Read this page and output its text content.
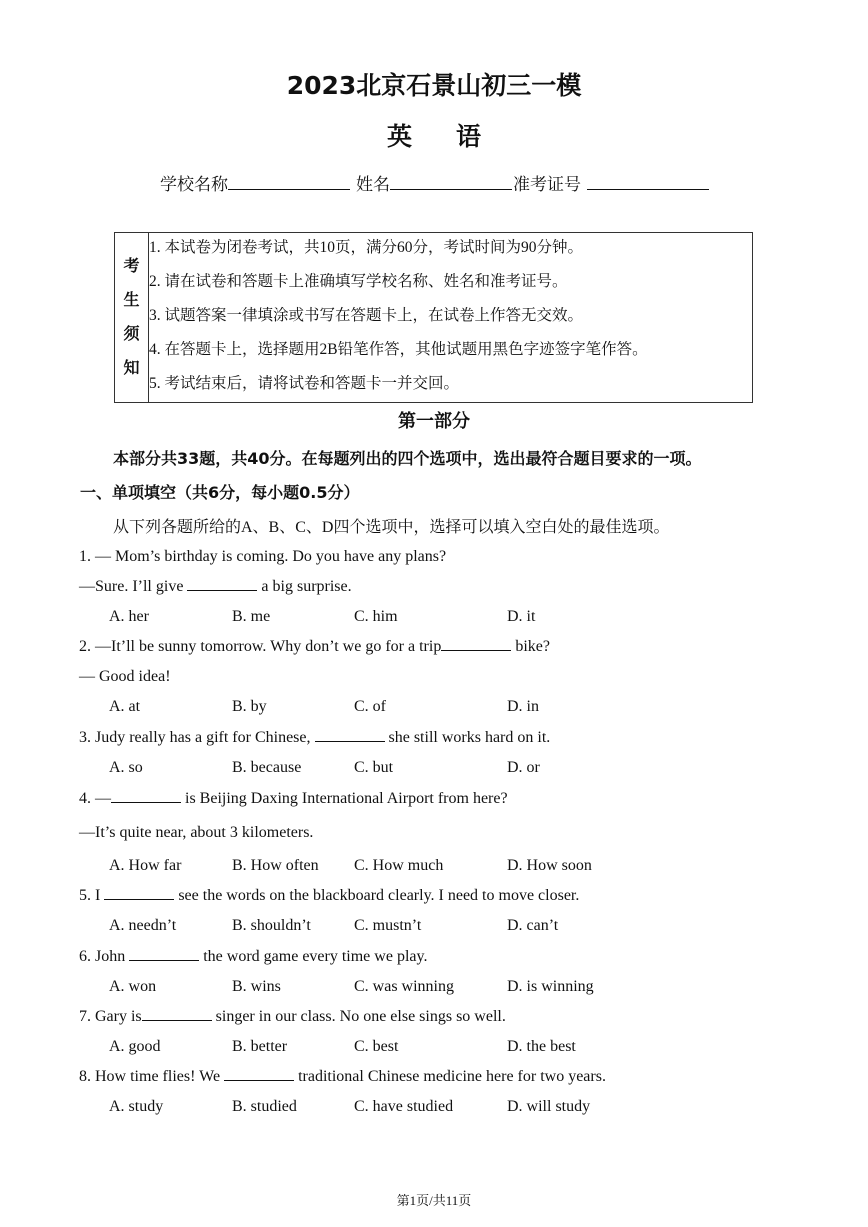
2023北京石景山初三一模
英语
学校名称	姓名	准考证号
考
生
须
知
1. 本试卷为闭卷考试，共10页，满分60分，考试时间为90分钟。
2. 请在试卷和答题卡上准确填写学校名称、姓名和准考证号。
3. 试题答案一律填涂或书写在答题卡上，在试卷上作答无交效。
4. 在答题卡上，选择题用2B铅笔作答，其他试题用黑色字迹签字笔作答。
5. 考试结束后，请将试卷和答题卡一并交回。
第一部分
本部分共33题，共40分。在每题列出的四个选项中，选出最符合题目要求的一项。
一、单项填空（共6分，每小题0.5分）
从下列各题所给的A、B、C、D四个选项中，选择可以填入空白处的最佳选项。
1. — Mom’s birthday is coming. Do you have any plans?
—Sure. I’ll give	a big surprise.
A. her	B. me	C. him	D. it
2. —It’ll be sunny tomorrow. Why don’t we go for a trip	bike?
— Good idea!
A. at	B. by	C. of	D. in
3. Judy really has a gift for Chinese,	she still works hard on it.
A. so	B. because	C. but	D. or
4. —	is Beijing Daxing International Airport from here?
—It’s quite near, about 3 kilometers.
A. How far	B. How often C. How much	D. How soon
5. I	see the words on the blackboard clearly. I need to move closer.
A. needn’t	B. shouldn’t	C. mustn’t	D. can’t
6. John	the word game every time we play.
A. won	B. wins	C. was winning	D. is winning
7. Gary is	singer in our class. No one else sings so well.
A. good	B. better	C. best	D. the best
8. How time flies! We	traditional Chinese medicine here for two years.
A. study	B. studied	C. have studied	D. will study
第1页/共11页
